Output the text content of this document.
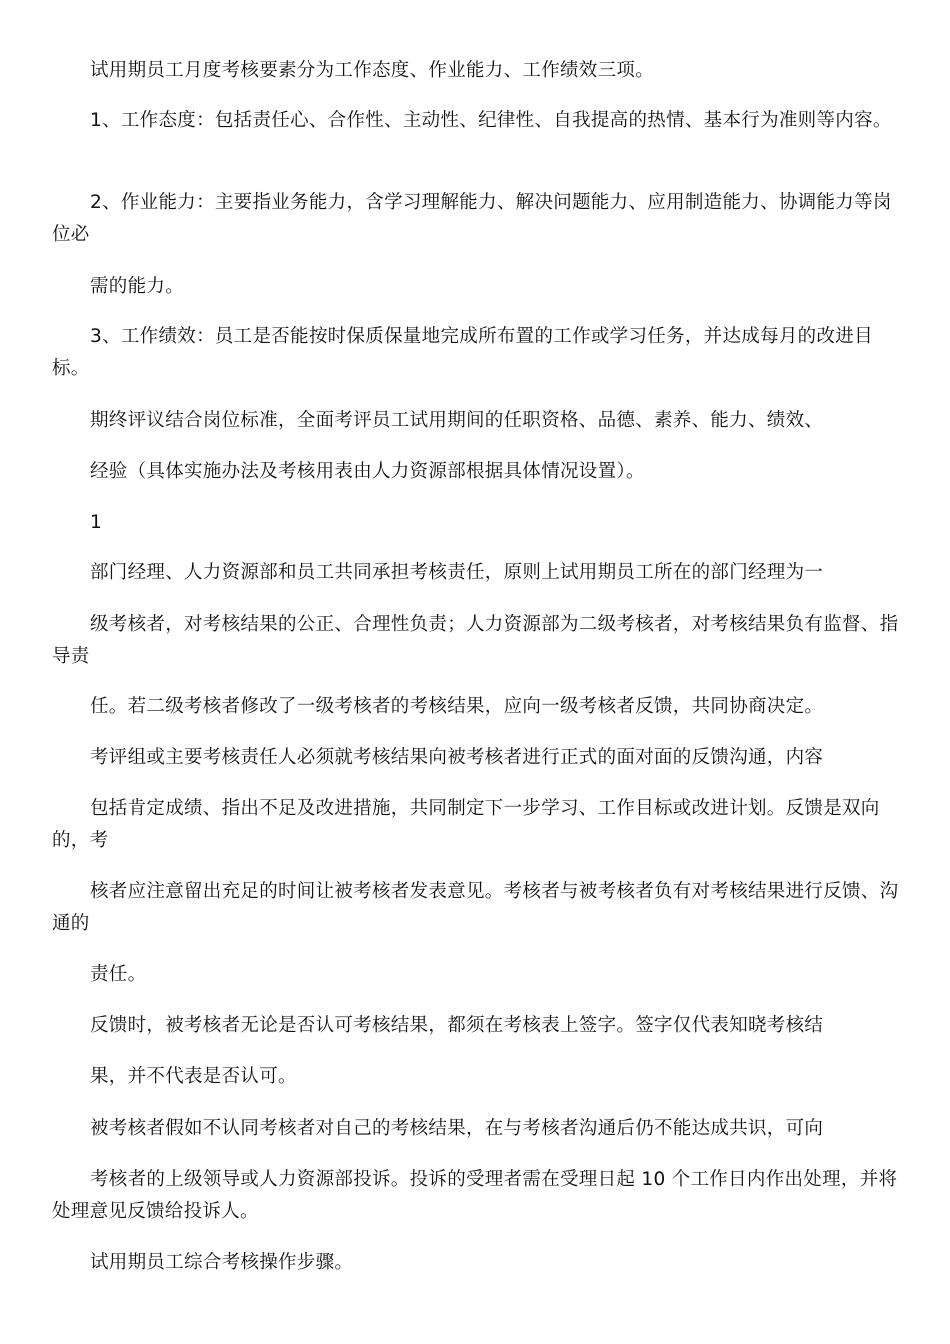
试用期员工月度考核要素分为工作态度、作业能力、工作绩效三项。

1、工作态度：包括责任心、合作性、主动性、纪律性、自我提高的热情、基本行为准则等内容。

2、作业能力：主要指业务能力，含学习理解能力、解决问题能力、应用制造能力、协调能力等岗位必

需的能力。

3、工作绩效：员工是否能按时保质保量地完成所布置的工作或学习任务，并达成每月的改进目标。

期终评议结合岗位标准，全面考评员工试用期间的任职资格、品德、素养、能力、绩效、

经验（具体实施办法及考核用表由人力资源部根据具体情况设置）。

1

部门经理、人力资源部和员工共同承担考核责任，原则上试用期员工所在的部门经理为一

级考核者，对考核结果的公正、合理性负责；人力资源部为二级考核者，对考核结果负有监督、指导责

任。若二级考核者修改了一级考核者的考核结果，应向一级考核者反馈，共同协商决定。

考评组或主要考核责任人必须就考核结果向被考核者进行正式的面对面的反馈沟通，内容

包括肯定成绩、指出不足及改进措施，共同制定下一步学习、工作目标或改进计划。反馈是双向的，考

核者应注意留出充足的时间让被考核者发表意见。考核者与被考核者负有对考核结果进行反馈、沟通的

责任。

反馈时，被考核者无论是否认可考核结果，都须在考核表上签字。签字仅代表知晓考核结

果，并不代表是否认可。

被考核者假如不认同考核者对自己的考核结果，在与考核者沟通后仍不能达成共识，可向

考核者的上级领导或人力资源部投诉。投诉的受理者需在受理日起 10 个工作日内作出处理，并将处理意见反馈给投诉人。

试用期员工综合考核操作步骤。
